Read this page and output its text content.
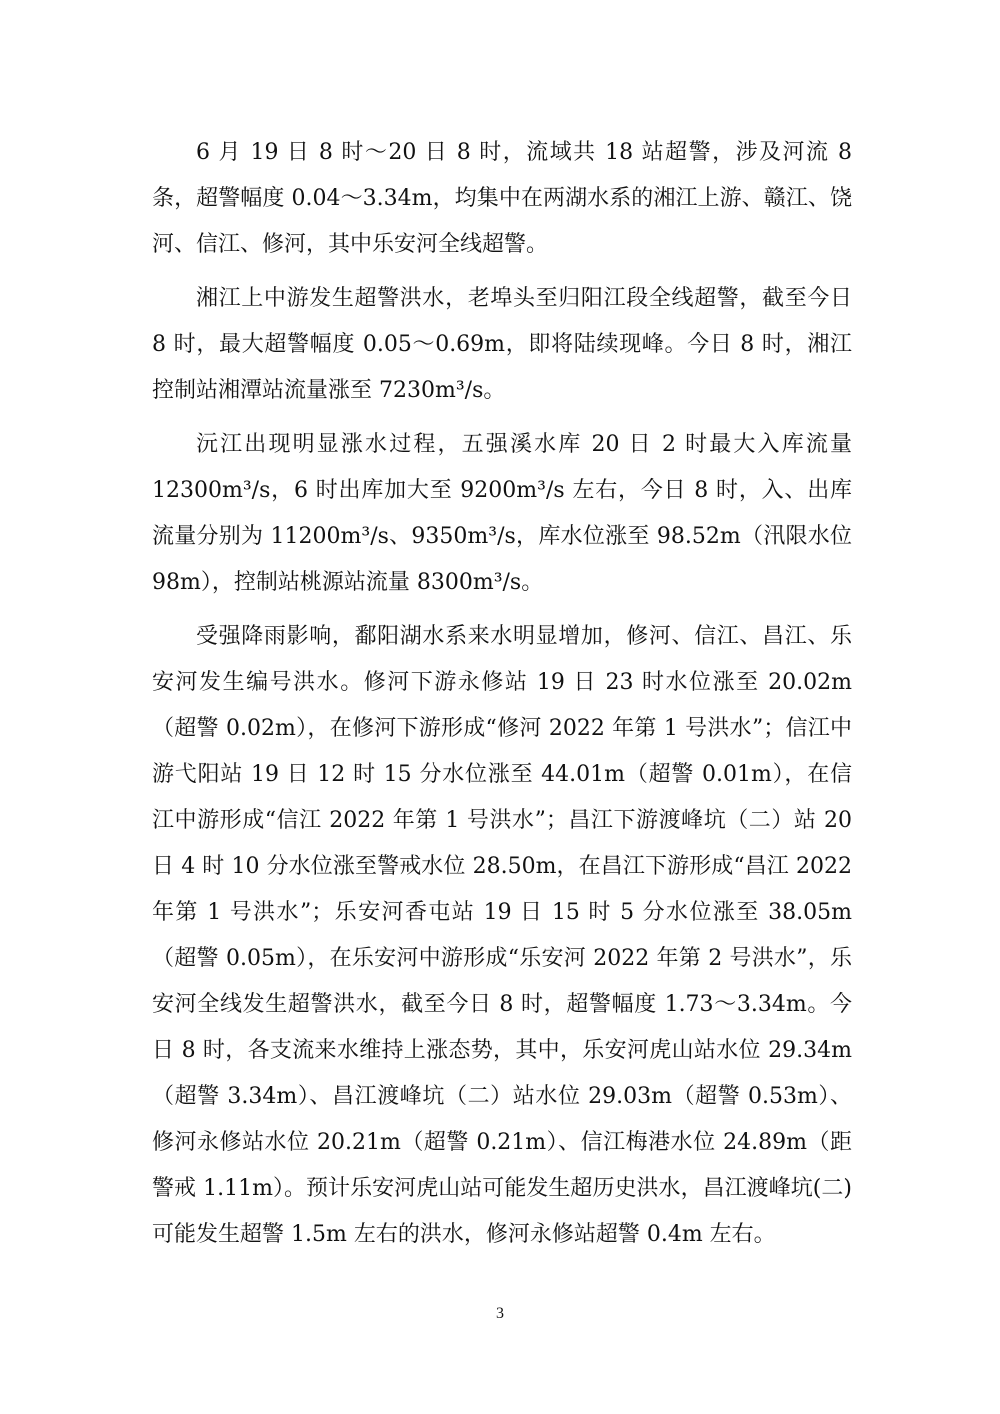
6 月 19 日 8 时～20 日 8 时，流域共 18 站超警，涉及河流 8 条，超警幅度 0.04～3.34m，均集中在两湖水系的湘江上游、赣江、饶河、信江、修河，其中乐安河全线超警。

湘江上中游发生超警洪水，老埠头至归阳江段全线超警，截至今日 8 时，最大超警幅度 0.05～0.69m，即将陆续现峰。今日 8 时，湘江控制站湘潭站流量涨至 7230m³/s。

沅江出现明显涨水过程，五强溪水库 20 日 2 时最大入库流量 12300m³/s，6 时出库加大至 9200m³/s 左右，今日 8 时，入、出库流量分别为 11200m³/s、9350m³/s，库水位涨至 98.52m（汛限水位 98m），控制站桃源站流量 8300m³/s。

受强降雨影响，鄱阳湖水系来水明显增加，修河、信江、昌江、乐安河发生编号洪水。修河下游永修站 19 日 23 时水位涨至 20.02m（超警 0.02m），在修河下游形成“修河 2022 年第 1 号洪水”；信江中游弋阳站 19 日 12 时 15 分水位涨至 44.01m（超警 0.01m），在信江中游形成“信江 2022 年第 1 号洪水”；昌江下游渡峰坑（二）站 20 日 4 时 10 分水位涨至警戒水位 28.50m，在昌江下游形成“昌江 2022 年第 1 号洪水”；乐安河香屯站 19 日 15 时 5 分水位涨至 38.05m（超警 0.05m），在乐安河中游形成“乐安河 2022 年第 2 号洪水”，乐安河全线发生超警洪水，截至今日 8 时，超警幅度 1.73～3.34m。今日 8 时，各支流来水维持上涨态势，其中，乐安河虎山站水位 29.34m（超警 3.34m）、昌江渡峰坑（二）站水位 29.03m（超警 0.53m）、修河永修站水位 20.21m（超警 0.21m）、信江梅港水位 24.89m（距警戒 1.11m）。预计乐安河虎山站可能发生超历史洪水，昌江渡峰坑(二)可能发生超警 1.5m 左右的洪水，修河永修站超警 0.4m 左右。

3
